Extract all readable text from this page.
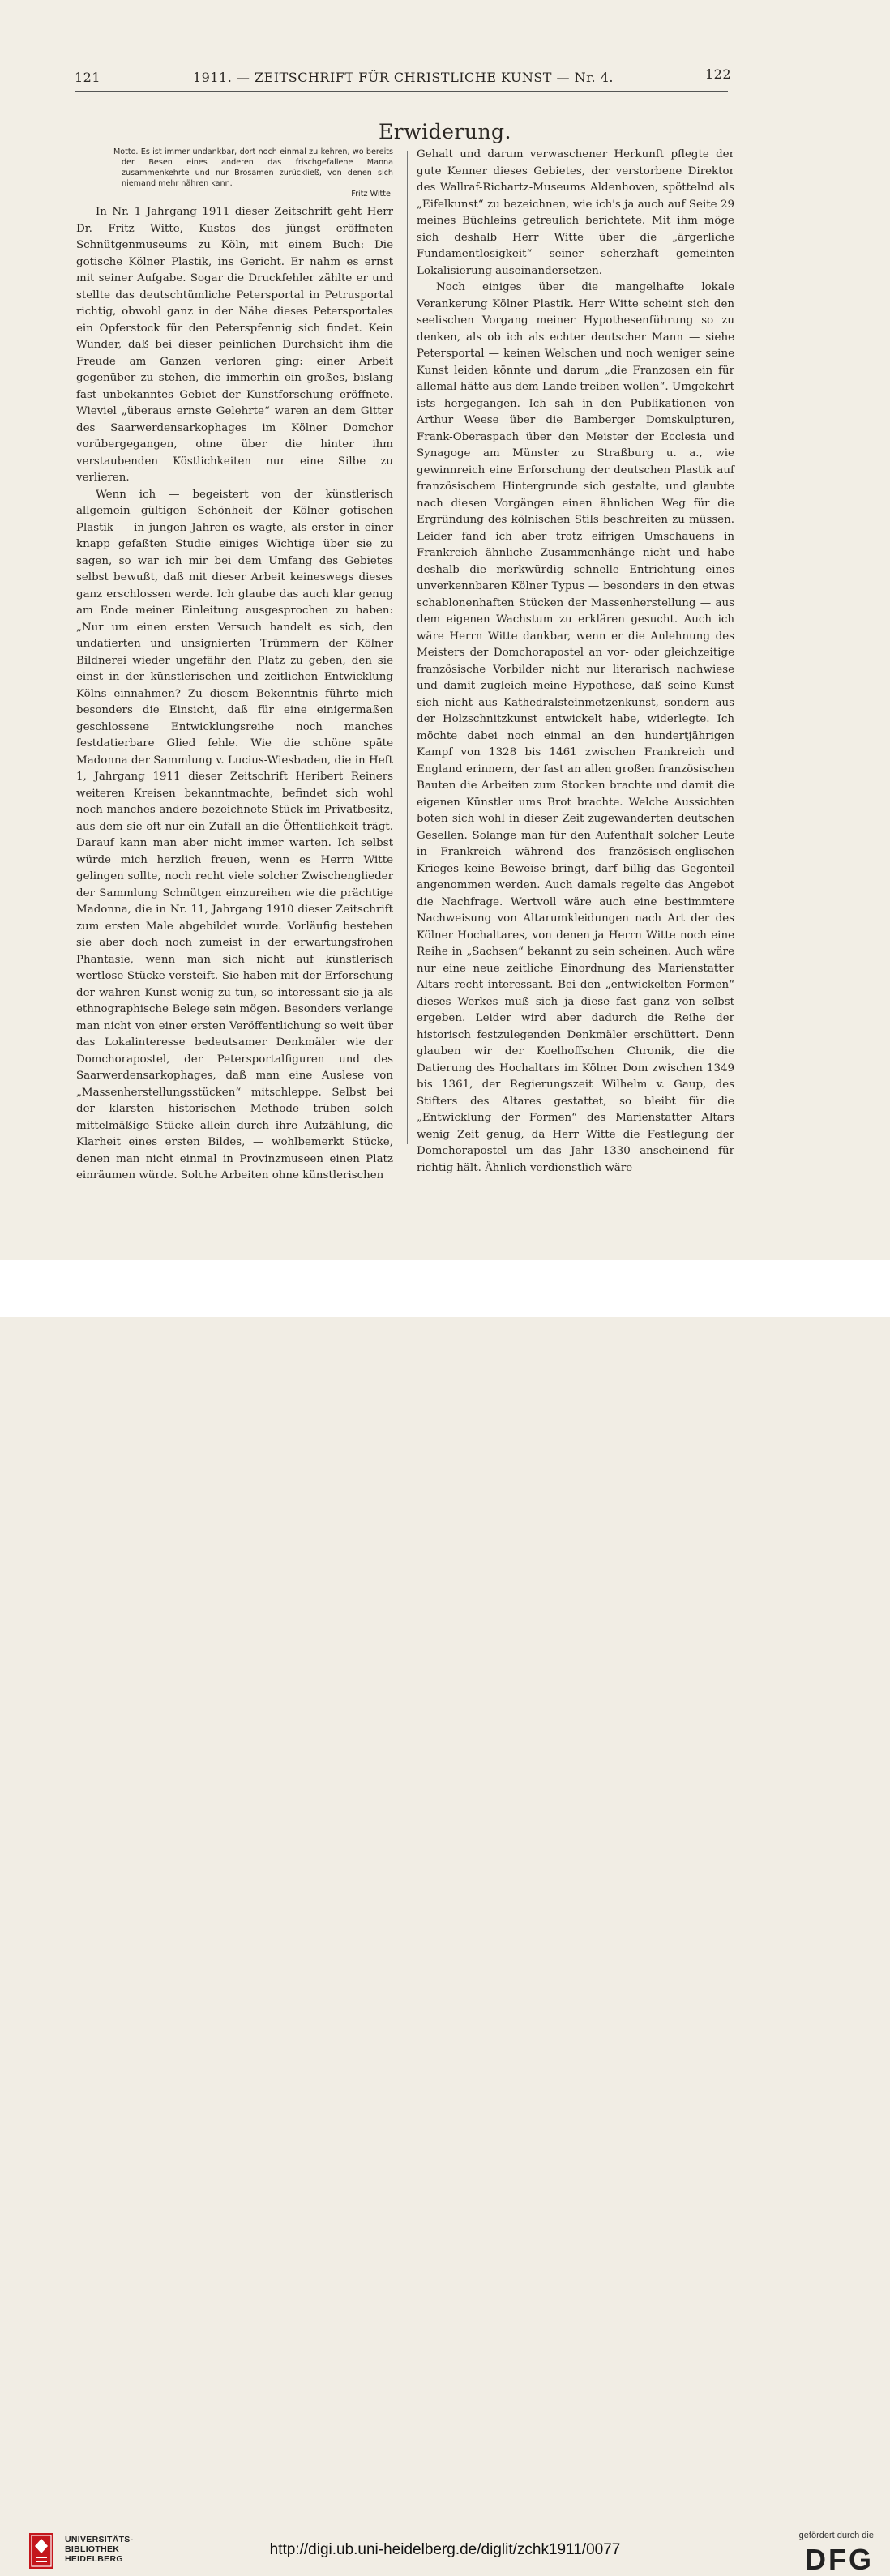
121	1911. — ZEITSCHRIFT FÜR CHRISTLICHE KUNST — Nr. 4.	122
Erwiderung.

Motto. Es ist immer undankbar, dort noch einmal zu kehren, wo bereits der Besen eines anderen das frischgefallene Manna zusammenkehrte und nur Brosamen zurückließ, von denen sich niemand mehr nähren kann.

Fritz Witte.

In Nr. 1 Jahrgang 1911 dieser Zeitschrift geht Herr Dr. Fritz Witte, Kustos des jüngst eröffneten Schnütgenmuseums zu Köln, mit einem Buch: Die gotische Kölner Plastik, ins Gericht. Er nahm es ernst mit seiner Aufgabe. Sogar die Druckfehler zählte er und stellte das deutschtümliche Petersportal in Petrusportal richtig, obwohl ganz in der Nähe dieses Petersportales ein Opferstock für den Peterspfennig sich findet. Kein Wunder, daß bei dieser peinlichen Durchsicht ihm die Freude am Ganzen verloren ging: einer Arbeit gegenüber zu stehen, die immerhin ein großes, bislang fast unbekanntes Gebiet der Kunstforschung eröffnete. Wieviel „überaus ernste Gelehrte“ waren an dem Gitter des Saarwerdensarkophages im Kölner Domchor vorübergegangen, ohne über die hinter ihm verstaubenden Köstlichkeiten nur eine Silbe zu verlieren.

Wenn ich — begeistert von der künstlerisch allgemein gültigen Schönheit der Kölner gotischen Plastik — in jungen Jahren es wagte, als erster in einer knapp gefaßten Studie einiges Wichtige über sie zu sagen, so war ich mir bei dem Umfang des Gebietes selbst bewußt, daß mit dieser Arbeit keineswegs dieses ganz erschlossen werde. Ich glaube das auch klar genug am Ende meiner Einleitung ausgesprochen zu haben: „Nur um einen ersten Versuch handelt es sich, den undatierten und unsignierten Trümmern der Kölner Bildnerei wieder ungefähr den Platz zu geben, den sie einst in der künstlerischen und zeitlichen Entwicklung Kölns einnahmen? Zu diesem Bekenntnis führte mich besonders die Einsicht, daß für eine einigermaßen geschlossene Entwicklungsreihe noch manches festdatierbare Glied fehle. Wie die schöne späte Madonna der Sammlung v. Lucius-Wiesbaden, die in Heft 1, Jahrgang 1911 dieser Zeitschrift Heribert Reiners weiteren Kreisen bekanntmachte, befindet sich wohl noch manches andere bezeichnete Stück im Privatbesitz, aus dem sie oft nur ein Zufall an die Öffentlichkeit trägt. Darauf kann man aber nicht immer warten. Ich selbst würde mich herzlich freuen, wenn es Herrn Witte gelingen sollte, noch recht viele solcher Zwischenglieder der Sammlung Schnütgen einzureihen wie die prächtige Madonna, die in Nr. 11, Jahrgang 1910 dieser Zeitschrift zum ersten Male abgebildet wurde. Vorläufig bestehen sie aber doch noch zumeist in der erwartungsfrohen Phantasie, wenn man sich nicht auf künstlerisch wertlose Stücke versteift. Sie haben mit der Erforschung der wahren Kunst wenig zu tun, so interessant sie ja als ethnographische Belege sein mögen. Besonders verlange man nicht von einer ersten Veröffentlichung so weit über das Lokalinteresse bedeutsamer Denkmäler wie der Domchorapostel, der Petersportalfiguren und des Saarwerdensarkophages, daß man eine Auslese von „Massenherstellungsstücken“ mitschleppe. Selbst bei der klarsten historischen Methode trüben solch mittelmäßige Stücke allein durch ihre Aufzählung, die Klarheit eines ersten Bildes, — wohlbemerkt Stücke, denen man nicht einmal in Provinzmuseen einen Platz einräumen würde. Solche Arbeiten ohne künstlerischen

Gehalt und darum verwaschener Herkunft pflegte der gute Kenner dieses Gebietes, der verstorbene Direktor des Wallraf-Richartz-Museums Aldenhoven, spöttelnd als „Eifelkunst“ zu bezeichnen, wie ich's ja auch auf Seite 29 meines Büchleins getreulich berichtete. Mit ihm möge sich deshalb Herr Witte über die „ärgerliche Fundamentlosigkeit“ seiner scherzhaft gemeinten Lokalisierung auseinandersetzen.

Noch einiges über die mangelhafte lokale Verankerung Kölner Plastik. Herr Witte scheint sich den seelischen Vorgang meiner Hypothesenführung so zu denken, als ob ich als echter deutscher Mann — siehe Petersportal — keinen Welschen und noch weniger seine Kunst leiden könnte und darum „die Franzosen ein für allemal hätte aus dem Lande treiben wollen“. Umgekehrt ists hergegangen. Ich sah in den Publikationen von Arthur Weese über die Bamberger Domskulpturen, Frank-Oberaspach über den Meister der Ecclesia und Synagoge am Münster zu Straßburg u. a., wie gewinnreich eine Erforschung der deutschen Plastik auf französischem Hintergrunde sich gestalte, und glaubte nach diesen Vorgängen einen ähnlichen Weg für die Ergründung des kölnischen Stils beschreiten zu müssen. Leider fand ich aber trotz eifrigen Umschauens in Frankreich ähnliche Zusammenhänge nicht und habe deshalb die merkwürdig schnelle Entrichtung eines unverkennbaren Kölner Typus — besonders in den etwas schablonenhaften Stücken der Massenherstellung — aus dem eigenen Wachstum zu erklären gesucht. Auch ich wäre Herrn Witte dankbar, wenn er die Anlehnung des Meisters der Domchorapostel an vor- oder gleichzeitige französische Vorbilder nicht nur literarisch nachwiese und damit zugleich meine Hypothese, daß seine Kunst sich nicht aus Kathedralsteinmetzenkunst, sondern aus der Holzschnitzkunst entwickelt habe, widerlegte. Ich möchte dabei noch einmal an den hundertjährigen Kampf von 1328 bis 1461 zwischen Frankreich und England erinnern, der fast an allen großen französischen Bauten die Arbeiten zum Stocken brachte und damit die eigenen Künstler ums Brot brachte. Welche Aussichten boten sich wohl in dieser Zeit zugewanderten deutschen Gesellen. Solange man für den Aufenthalt solcher Leute in Frankreich während des französisch-englischen Krieges keine Beweise bringt, darf billig das Gegenteil angenommen werden. Auch damals regelte das Angebot die Nachfrage. Wertvoll wäre auch eine bestimmtere Nachweisung von Altarumkleidungen nach Art der des Kölner Hochaltares, von denen ja Herrn Witte noch eine Reihe in „Sachsen“ bekannt zu sein scheinen. Auch wäre nur eine neue zeitliche Einordnung des Marienstatter Altars recht interessant. Bei den „entwickelten Formen“ dieses Werkes muß sich ja diese fast ganz von selbst ergeben. Leider wird aber dadurch die Reihe der historisch festzulegenden Denkmäler erschüttert. Denn glauben wir der Koelhoffschen Chronik, die die Datierung des Hochaltars im Kölner Dom zwischen 1349 bis 1361, der Regierungszeit Wilhelm v. Gaup, des Stifters des Altares gestattet, so bleibt für die „Entwicklung der Formen“ des Marienstatter Altars wenig Zeit genug, da Herr Witte die Festlegung der Domchorapostel um das Jahr 1330 anscheinend für richtig hält. Ähnlich verdienstlich wäre

UNIVERSITÄTS-
BIBLIOTHEK
HEIDELBERG

http://digi.ub.uni-heidelberg.de/diglit/zchk1911/0077
gefördert durch die
DFG
